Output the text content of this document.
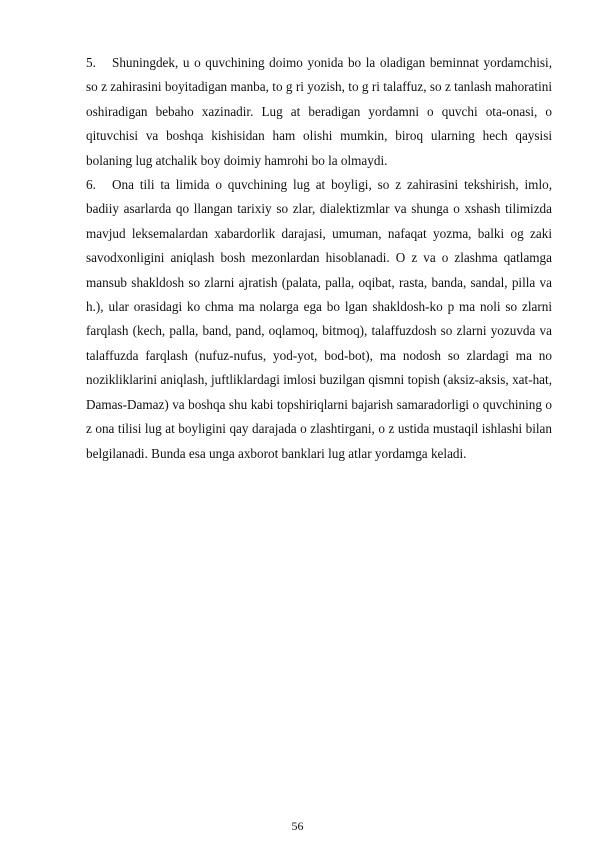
5. Shuningdek, u o quvchining doimo yonida bo la oladigan beminnat yordamchisi, so z zahirasini boyitadigan manba, to g ri yozish, to g ri talaffuz, so z tanlash mahoratini oshiradigan bebaho xazinadir. Lug at beradigan yordamni o quvchi ota-onasi, o qituvchisi va boshqa kishisidan ham olishi mumkin, biroq ularning hech qaysisi bolaning lug atchalik boy doimiy hamrohi bo la olmaydi.

6. Ona tili ta limida o quvchining lug at boyligi, so z zahirasini tekshirish, imlo, badiiy asarlarda qo llangan tarixiy so zlar, dialektizmlar va shunga o xshash tilimizda mavjud leksemalardan xabardorlik darajasi, umuman, nafaqat yozma, balki og zaki savodxonligini aniqlash bosh mezonlardan hisoblanadi. O z va o zlashma qatlamga mansub shakldosh so zlarni ajratish (palata, palla, oqibat, rasta, banda, sandal, pilla va h.), ular orasidagi ko chma ma nolarga ega bo lgan shakldosh-ko p ma noli so zlarni farqlash (kech, palla, band, pand, oqlamoq, bitmoq), talaffuzdosh so zlarni yozuvda va talaffuzda farqlash (nufuz-nufus, yod-yot, bod-bot), ma nodosh so zlardagi ma no nozikliklarini aniqlash, juftliklardagi imlosi buzilgan qismni topish (aksiz-aksis, xat-hat, Damas-Damaz) va boshqa shu kabi topshiriqlarni bajarish samaradorligi o quvchining o z ona tilisi lug at boyligini qay darajada o zlashtirgani, o z ustida mustaqil ishlashi bilan belgilanadi. Bunda esa unga axborot banklari lug atlar yordamga keladi.

56
